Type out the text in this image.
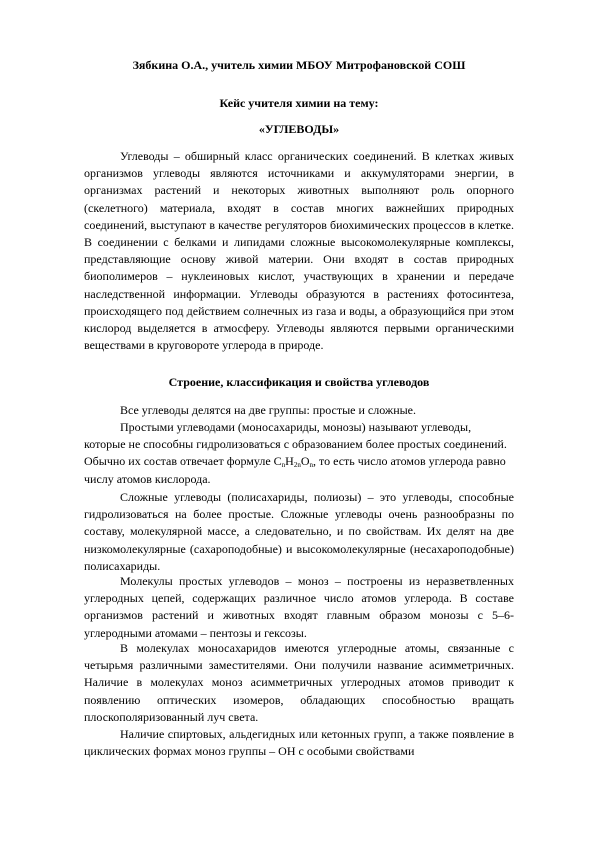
Зябкина О.А., учитель химии МБОУ Митрофановской СОШ

Кейс учителя химии на тему:

«УГЛЕВОДЫ»

Углеводы – обширный класс органических соединений. В клетках живых организмов углеводы являются источниками и аккумуляторами энергии, в организмах растений и некоторых животных выполняют роль опорного (скелетного) материала, входят в состав многих важнейших природных соединений, выступают в качестве регуляторов биохимических процессов в клетке. В соединении с белками и липидами сложные высокомолекулярные комплексы, представляющие основу живой материи. Они входят в состав природных биополимеров – нуклеиновых кислот, участвующих в хранении и передаче наследственной информации. Углеводы образуются в растениях фотосинтеза, происходящего под действием солнечных из газа и воды, а образующийся при этом кислород выделяется в атмосферу. Углеводы являются первыми органическими веществами в круговороте углерода в природе.

Строение, классификация и свойства углеводов

Все углеводы делятся на две группы: простые и сложные.

Простыми углеводами (моносахариды, монозы) называют углеводы, которые не способны гидролизоваться с образованием более простых соединений. Обычно их состав отвечает формуле $C_nH_{2n}O_n$, то есть число атомов углерода равно числу атомов кислорода.

Сложные углеводы (полисахариды, полиозы) – это углеводы, способные гидролизоваться на более простые. Сложные углеводы очень разнообразны по составу, молекулярной массе, а следовательно, и по свойствам. Их делят на две низкомолекулярные (сахароподобные) и высокомолекулярные (несахароподобные) полисахариды.

Молекулы простых углеводов – моноз – построены из неразветвленных углеродных цепей, содержащих различное число атомов углерода. В составе организмов растений и животных входят главным образом монозы с 5–6-углеродными атомами – пентозы и гексозы.

В молекулах моносахаридов имеются углеродные атомы, связанные с четырьмя различными заместителями. Они получили название асимметричных. Наличие в молекулах моноз асимметричных углеродных атомов приводит к появлению оптических изомеров, обладающих способностью вращать плоскополяризованный луч света.

Наличие спиртовых, альдегидных или кетонных групп, а также появление в циклических формах моноз группы – ОН с особыми свойствами
